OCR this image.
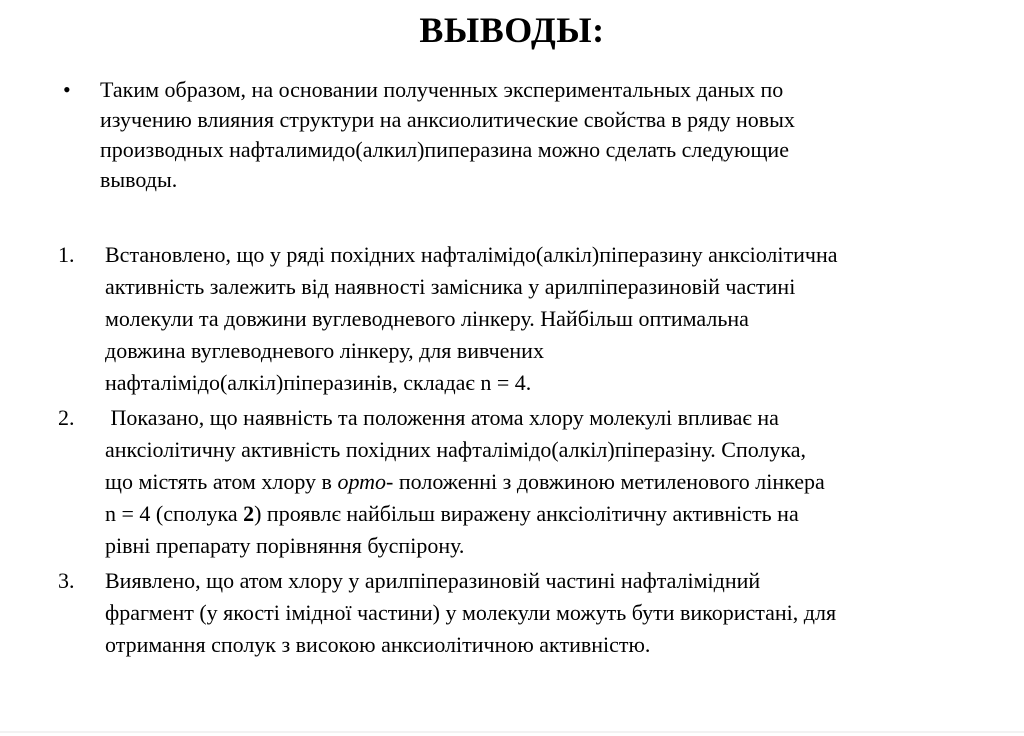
ВЫВОДЫ:
•	Таким образом, на основании полученных экспериментальных даных по
изучению влияния структури на анксиолитические свойства в ряду новых
производных нафталимидо(алкил)пиперазина можно сделать следующие
выводы.
1.	Встановлено, що у ряді похідних нафталімідо(алкіл)піперазину анксіолітична
активність залежить від наявності замісника у арилпіперазиновій частині
молекули та довжини вуглеводневого лінкеру. Найбільш оптимальна
довжина вуглеводневого лінкеру, для вивчених
нафталімідо(алкіл)піперазинів, складає n = 4.
2.	Показано, що наявність та положення атома хлору молекулі впливає на
анксіолітичну активність похідних нафталімідо(алкіл)піперазіну. Сполука,
що містять атом хлору в орто- положенні з довжиною метиленового лінкера
n = 4 (сполука 2) проявлє найбільш виражену анксіолітичну активність на
рівні препарату порівняння буспірону.
3.	Виявлено, що атом хлору у арилпіперазиновій частині нафталімідний
фрагмент (у якості імідної частини) у молекули можуть бути використані, для
отримання сполук з високою анксиолітичною активністю.
